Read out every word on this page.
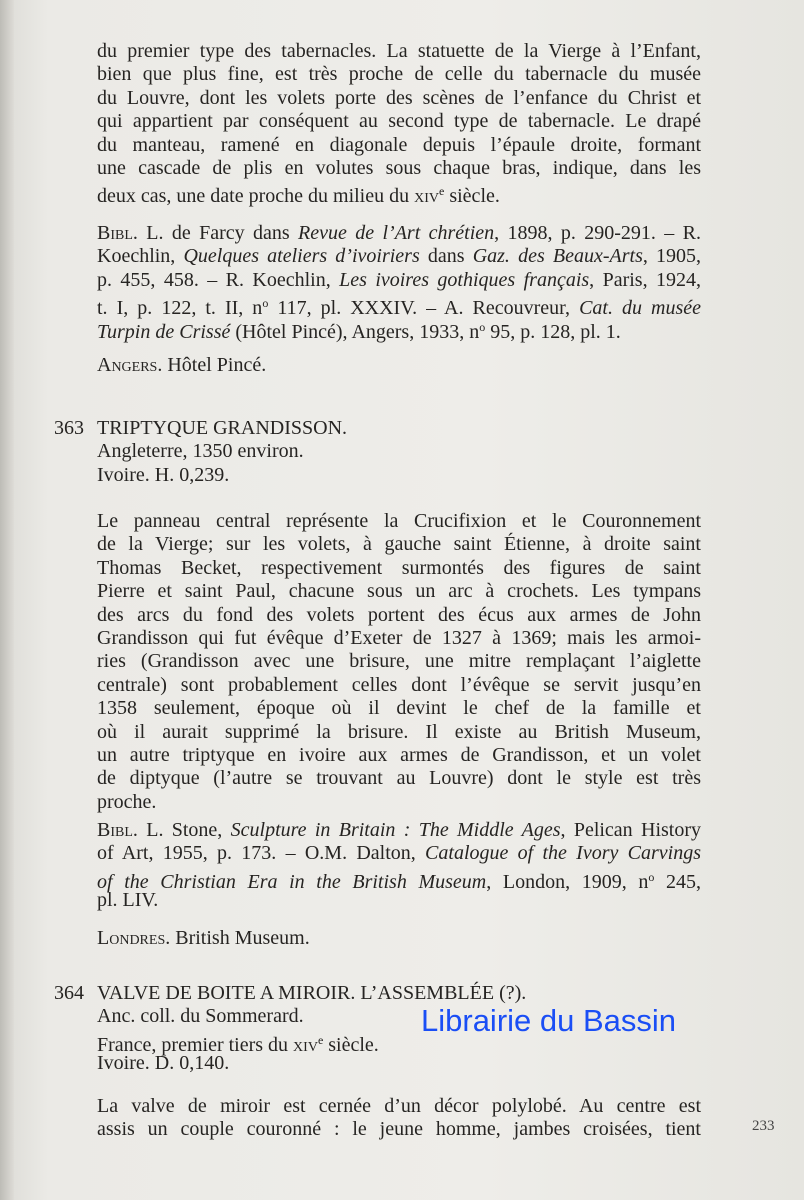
du premier type des tabernacles. La statuette de la Vierge à l’Enfant,
bien que plus fine, est très proche de celle du tabernacle du musée
du Louvre, dont les volets porte des scènes de l’enfance du Christ et
qui appartient par conséquent au second type de tabernacle. Le drapé
du manteau, ramené en diagonale depuis l’épaule droite, formant
une cascade de plis en volutes sous chaque bras, indique, dans les
deux cas, une date proche du milieu du xiv$^e$ siècle.
Bibl. L. de Farcy dans Revue de l’Art chrétien, 1898, p. 290-291. – R.
Koechlin, Quelques ateliers d’ivoiriers dans Gaz. des Beaux-Arts, 1905,
p. 455, 458. – R. Koechlin, Les ivoires gothiques français, Paris, 1924,
t. I, p. 122, t. II, $n^o$ 117, pl. XXXIV. – A. Recouvreur, Cat. du musée
Turpin de Crissé (Hôtel Pincé), Angers, 1933, $n^o$ 95, p. 128, pl. 1.
Angers. Hôtel Pincé.
363 TRIPTYQUE GRANDISSON.
Angleterre, 1350 environ.
Ivoire. H. 0,239.
Le panneau central représente la Crucifixion et le Couronnement
de la Vierge; sur les volets, à gauche saint Étienne, à droite saint
Thomas Becket, respectivement surmontés des figures de saint
Pierre et saint Paul, chacune sous un arc à crochets. Les tympans
des arcs du fond des volets portent des écus aux armes de John
Grandisson qui fut évêque d’Exeter de 1327 à 1369; mais les armoi-
ries (Grandisson avec une brisure, une mitre remplaçant l’aiglette
centrale) sont probablement celles dont l’évêque se servit jusqu’en
1358 seulement, époque où il devint le chef de la famille et
où il aurait supprimé la brisure. Il existe au British Museum,
un autre triptyque en ivoire aux armes de Grandisson, et un volet
de diptyque (l’autre se trouvant au Louvre) dont le style est très
proche.
Bibl. L. Stone, Sculpture in Britain : The Middle Ages, Pelican History
of Art, 1955, p. 173. – O.M. Dalton, Catalogue of the Ivory Carvings
of the Christian Era in the British Museum, London, 1909, $n^o$ 245,
pl. LIV.
Londres. British Museum.
364 VALVE DE BOITE A MIROIR. L’ASSEMBLÉE (?).
Anc. coll. du Sommerard.
France, premier tiers du xiv$^e$ siècle.
Ivoire. D. 0,140.
La valve de miroir est cernée d’un décor polylobé. Au centre est
assis un couple couronné : le jeune homme, jambes croisées, tient
Librairie du Bassin
233
